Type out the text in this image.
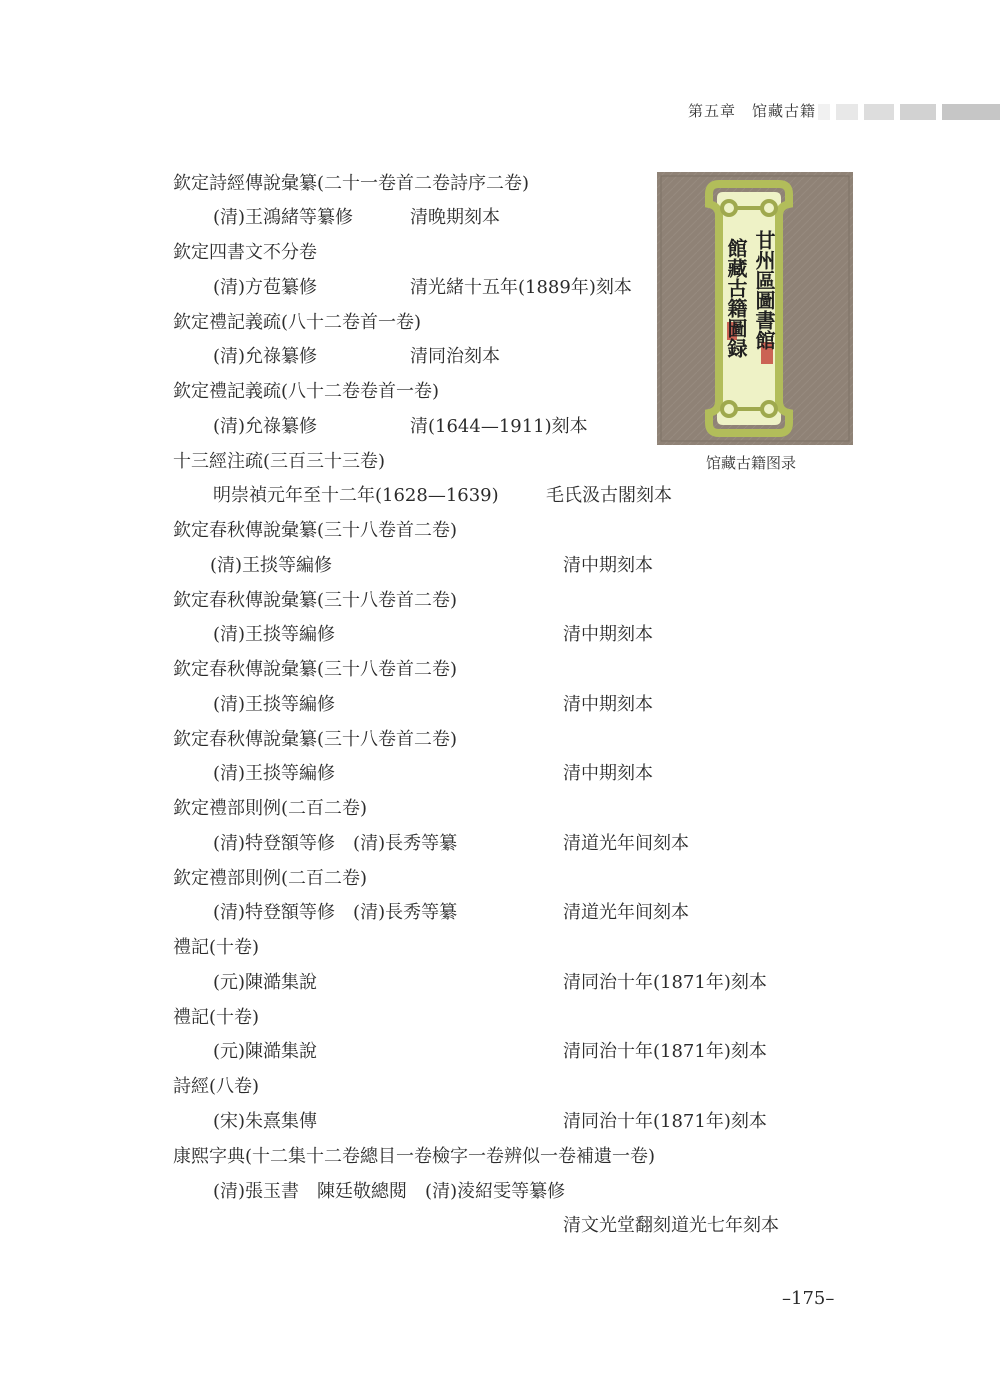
第五章　馆藏古籍
欽定詩經傳說彙纂(二十一卷首二卷詩序二卷)
(清)王鴻緒等纂修	清晚期刻本
欽定四書文不分卷
(清)方苞纂修	清光緒十五年(1889年)刻本
欽定禮記義疏(八十二卷首一卷)
(清)允祿纂修	清同治刻本
欽定禮記義疏(八十二卷卷首一卷)
(清)允祿纂修	清(1644—1911)刻本
十三經注疏(三百三十三卷)
明崇禎元年至十二年(1628—1639)	毛氏汲古閣刻本
欽定春秋傳說彙纂(三十八卷首二卷)
(清)王掞等編修	清中期刻本
欽定春秋傳說彙纂(三十八卷首二卷)
(清)王掞等編修	清中期刻本
欽定春秋傳說彙纂(三十八卷首二卷)
(清)王掞等編修	清中期刻本
欽定春秋傳說彙纂(三十八卷首二卷)
(清)王掞等編修	清中期刻本
欽定禮部則例(二百二卷)
(清)特登額等修　(清)長秀等纂	清道光年间刻本
欽定禮部則例(二百二卷)
(清)特登額等修　(清)長秀等纂	清道光年间刻本
禮記(十卷)
(元)陳澔集說	清同治十年(1871年)刻本
禮記(十卷)
(元)陳澔集說	清同治十年(1871年)刻本
詩經(八卷)
(宋)朱熹集傳	清同治十年(1871年)刻本
康熙字典(十二集十二卷總目一卷檢字一卷辨似一卷補遺一卷)
(清)張玉書　陳廷敬總閱　(清)淩紹雯等纂修
清文光堂翻刻道光七年刻本
甘州區圖書館
館藏古籍圖録
馆藏古籍图录
–175–
